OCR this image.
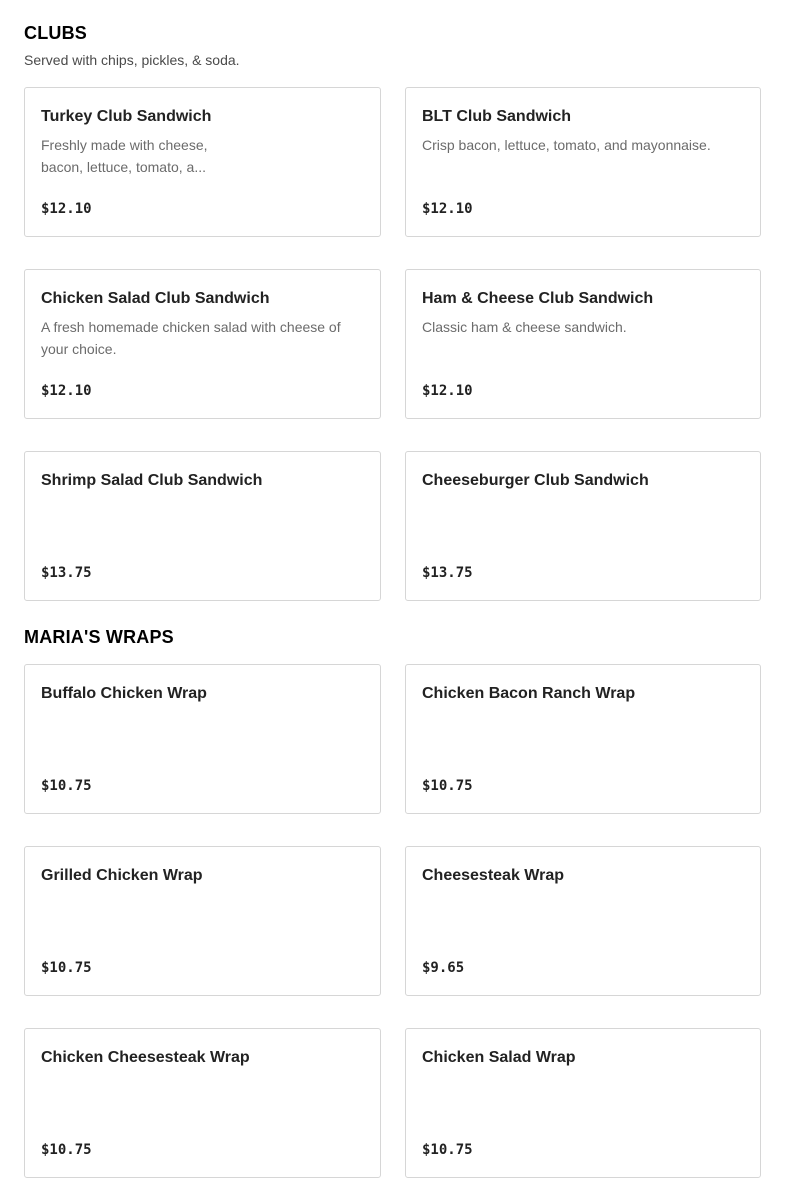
CLUBS

Served with chips, pickles, & soda.

Turkey Club Sandwich
Freshly made with cheese, bacon, lettuce, tomato, a...
$12.10
BLT Club Sandwich
Crisp bacon, lettuce, tomato, and mayonnaise.
$12.10
Chicken Salad Club Sandwich
A fresh homemade chicken salad with cheese of your choice.
$12.10
Ham & Cheese Club Sandwich
Classic ham & cheese sandwich.
$12.10
Shrimp Salad Club Sandwich
$13.75
Cheeseburger Club Sandwich
$13.75
MARIA'S WRAPS
Buffalo Chicken Wrap
$10.75
Chicken Bacon Ranch Wrap
$10.75
Grilled Chicken Wrap
$10.75
Cheesesteak Wrap
$9.65
Chicken Cheesesteak Wrap
$10.75
Chicken Salad Wrap
$10.75
